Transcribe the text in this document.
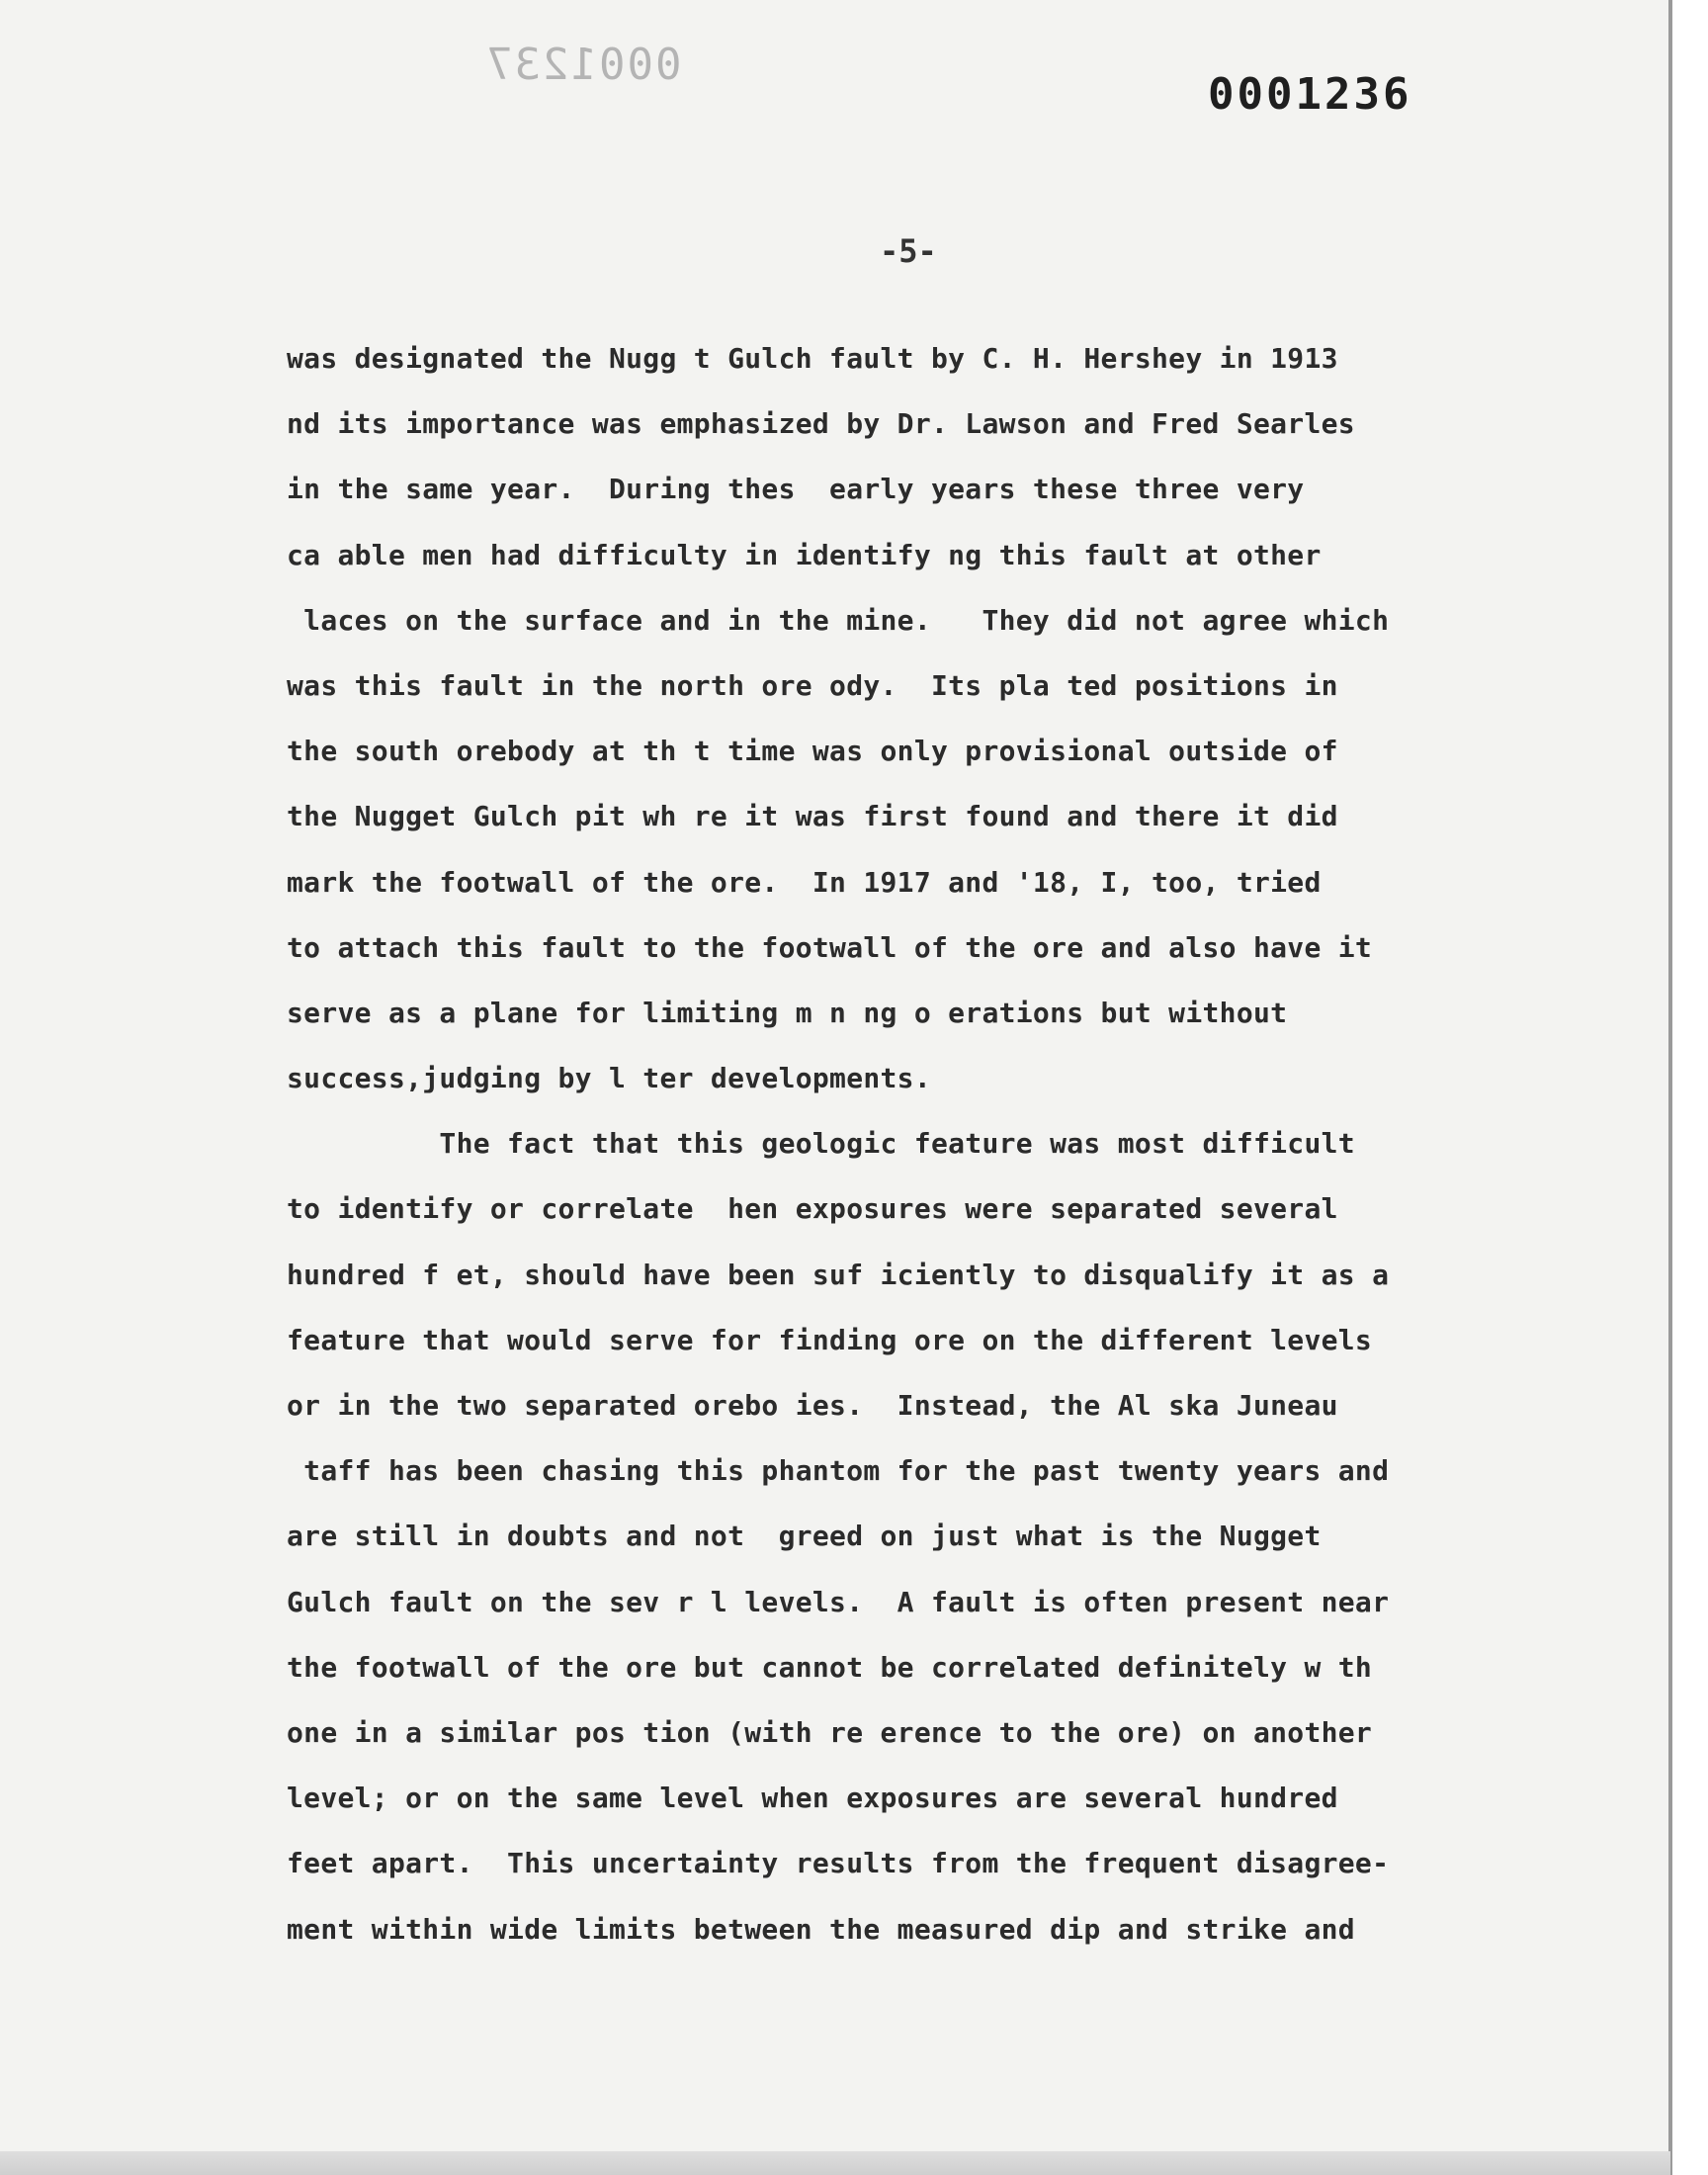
0001237
0001236
-5-
was designated the Nugg t Gulch fault by C. H. Hershey in 1913
nd its importance was emphasized by Dr. Lawson and Fred Searles
in the same year.  During thes  early years these three very
ca able men had difficulty in identify ng this fault at other
laces on the surface and in the mine.   They did not agree which
was this fault in the north ore ody.  Its pla ted positions in
the south orebody at th t time was only provisional outside of
the Nugget Gulch pit wh re it was first found and there it did
mark the footwall of the ore.  In 1917 and '18, I, too, tried
to attach this fault to the footwall of the ore and also have it
serve as a plane for limiting m n ng o erations but without
success,judging by l ter developments.
The fact that this geologic feature was most difficult
to identify or correlate  hen exposures were separated several
hundred f et, should have been suf iciently to disqualify it as a
feature that would serve for finding ore on the different levels
or in the two separated orebo ies.  Instead, the Al ska Juneau
taff has been chasing this phantom for the past twenty years and
are still in doubts and not  greed on just what is the Nugget
Gulch fault on the sev r l levels.  A fault is often present near
the footwall of the ore but cannot be correlated definitely w th
one in a similar pos tion (with re erence to the ore) on another
level; or on the same level when exposures are several hundred
feet apart.  This uncertainty results from the frequent disagree-
ment within wide limits between the measured dip and strike and
